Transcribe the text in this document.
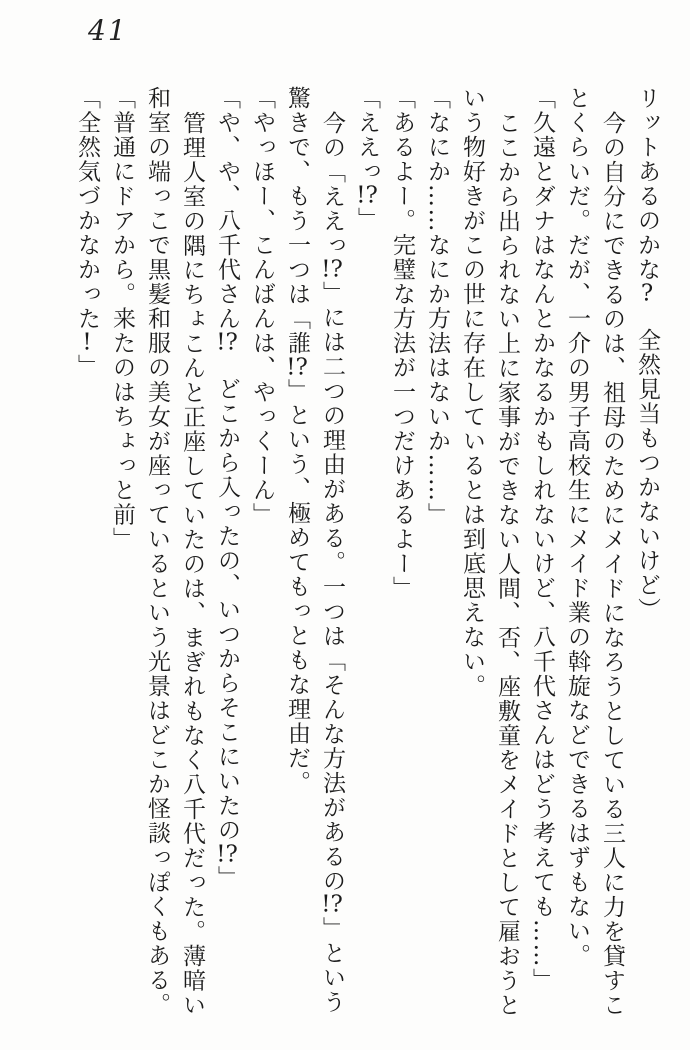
41
リットあるのかな?全然見当もつかないけど）
今の自分にできるのは、祖母のためにメイドになろうとしている三人に力を貸すこ
とくらいだ。だが、一介の男子高校生にメイド業の斡旋などできるはずもない。
「久遠とダナはなんとかなるかもしれないけど、八千代さんはどう考えても……」
ここから出られない上に家事ができない人間、否、座敷童をメイドとして雇おうと
いう物好きがこの世に存在しているとは到底思えない。
「なにか……なにか方法はないか……」
「あるよー。完璧な方法が一つだけあるよー」
「ええっ!?」
今の「ええっ!?」には二つの理由がある。一つは「そんな方法があるの!?」という
驚きで、もう一つは「誰!?」という、極めてもっともな理由だ。
「やっほー、こんばんは、やっくーん」
「や、や、八千代さん!?どこから入ったの、いつからそこにいたの!?」
管理人室の隅にちょこんと正座していたのは、まぎれもなく八千代だった。薄暗い
和室の端っこで黒髪和服の美女が座っているという光景はどこか怪談っぽくもある。
「普通にドアから。来たのはちょっと前」
「全然気づかなかった!」
